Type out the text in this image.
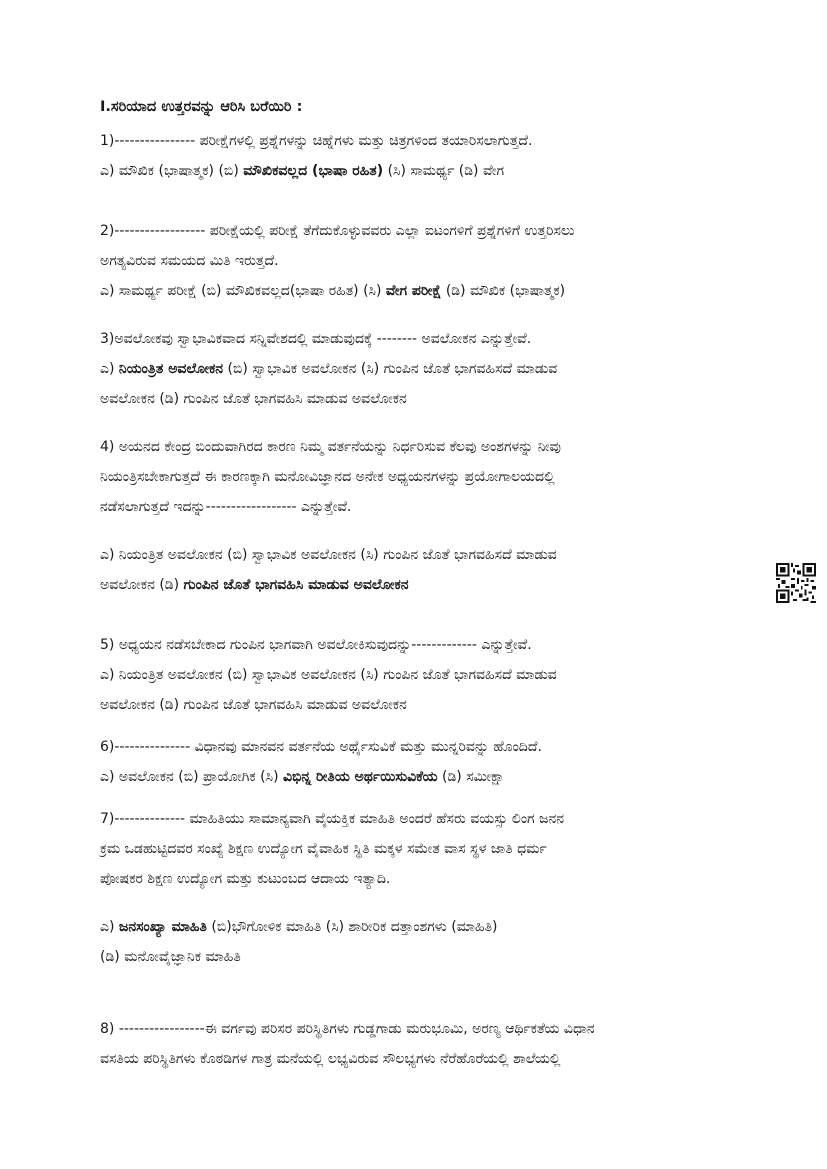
I.ಸರಿಯಾದ ಉತ್ತರವನ್ನು ಆರಿಸಿ ಬರೆಯಿರಿ :

1)---------------- ಪರೀಕ್ಷೆಗಳಲ್ಲಿ ಪ್ರಶ್ನೆಗಳನ್ನು ಚಿಹ್ನೆಗಳು ಮತ್ತು ಚಿತ್ರಗಳಿಂದ ತಯಾರಿಸಲಾಗುತ್ತದೆ.

ಎ) ಮೌಖಿಕ (ಭಾಷಾತ್ಮಕ) (ಬಿ) ಮೌಖಿಕವಲ್ಲದ (ಭಾಷಾ ರಹಿತ) (ಸಿ) ಸಾಮರ್ಥ್ಯ (ಡಿ) ವೇಗ

2)------------------ ಪರೀಕ್ಷೆಯಲ್ಲಿ ಪರೀಕ್ಷೆ ತೆಗೆದುಕೊಳ್ಳುವವರು ಎಲ್ಲಾ ಐಟಂಗಳಿಗೆ ಪ್ರಶ್ನೆಗಳಿಗೆ ಉತ್ತರಿಸಲು

ಅಗತ್ಯವಿರುವ ಸಮಯದ ಮಿತಿ ಇರುತ್ತದೆ.

ಎ) ಸಾಮರ್ಥ್ಯ ಪರೀಕ್ಷೆ (ಬಿ) ಮೌಖಿಕವಲ್ಲದ(ಭಾಷಾ ರಹಿತ) (ಸಿ) ವೇಗ ಪರೀಕ್ಷೆ (ಡಿ) ಮೌಖಿಕ (ಭಾಷಾತ್ಮಕ)

3)ಅವಲೋಕವು ಸ್ವಾಭಾವಿಕವಾದ ಸನ್ನಿವೇಶದಲ್ಲಿ ಮಾಡುವುದಕ್ಕೆ -------- ಅವಲೋಕನ ಎನ್ನುತ್ತೇವೆ.

ಎ) ನಿಯಂತ್ರಿತ ಅವಲೋಕನ (ಬಿ) ಸ್ವಾಭಾವಿಕ ಅವಲೋಕನ (ಸಿ) ಗುಂಪಿನ ಜೊತೆ ಭಾಗವಹಿಸದೆ ಮಾಡುವ

ಅವಲೋಕನ (ಡಿ) ಗುಂಪಿನ ಜೊತೆ ಭಾಗವಹಿಸಿ ಮಾಡುವ ಅವಲೋಕನ

4) ಅಯನದ ಕೇಂದ್ರ ಬಿಂದುವಾಗಿರದ ಕಾರಣ ನಿಮ್ಮ ವರ್ತನೆಯನ್ನು ನಿರ್ಧರಿಸುವ ಕೆಲವು ಅಂಶಗಳನ್ನು ನೀವು

ನಿಯಂತ್ರಿಸಬೇಕಾಗುತ್ತದೆ ಈ ಕಾರಣಕ್ಕಾಗಿ ಮನೋವಿಜ್ಞಾನದ ಅನೇಕ ಅಧ್ಯಯನಗಳನ್ನು ಪ್ರಯೋಗಾಲಯದಲ್ಲಿ

ನಡೆಸಲಾಗುತ್ತದೆ ಇದನ್ನು------------------ ಎನ್ನುತ್ತೇವೆ.

ಎ) ನಿಯಂತ್ರಿತ ಅವಲೋಕನ (ಬಿ) ಸ್ವಾಭಾವಿಕ ಅವಲೋಕನ (ಸಿ) ಗುಂಪಿನ ಜೊತೆ ಭಾಗವಹಿಸದೆ ಮಾಡುವ

ಅವಲೋಕನ (ಡಿ) ಗುಂಪಿನ ಜೊತೆ ಭಾಗವಹಿಸಿ ಮಾಡುವ ಅವಲೋಕನ

5) ಅಧ್ಯಯನ ನಡೆಸಬೇಕಾದ ಗುಂಪಿನ ಭಾಗವಾಗಿ ಅವಲೋಕಿಸುವುದನ್ನು------------- ಎನ್ನುತ್ತೇವೆ.

ಎ) ನಿಯಂತ್ರಿತ ಅವಲೋಕನ (ಬಿ) ಸ್ವಾಭಾವಿಕ ಅವಲೋಕನ (ಸಿ) ಗುಂಪಿನ ಜೊತೆ ಭಾಗವಹಿಸದೆ ಮಾಡುವ

ಅವಲೋಕನ (ಡಿ) ಗುಂಪಿನ ಜೊತೆ ಭಾಗವಹಿಸಿ ಮಾಡುವ ಅವಲೋಕನ

6)--------------- ವಿಧಾನವು ಮಾನವನ ವರ್ತನೆಯ ಅರ್ಥೈಸುವಿಕೆ ಮತ್ತು ಮುನ್ನರಿವನ್ನು ಹೊಂದಿದೆ.

ಎ) ಅವಲೋಕನ (ಬಿ) ಪ್ರಾಯೋಗಿಕ (ಸಿ) ವಿಭಿನ್ನ ರೀತಿಯ ಅರ್ಥಯಿಸುವಿಕೆಯ (ಡಿ) ಸಮೀಕ್ಷಾ

7)-------------- ಮಾಹಿತಿಯು ಸಾಮಾನ್ಯವಾಗಿ ವೈಯಕ್ತಿಕ ಮಾಹಿತಿ ಅಂದರೆ ಹೆಸರು ವಯಸ್ಸು ಲಿಂಗ ಜನನ

ಕ್ರಮ ಒಡಹುಟ್ಟಿದವರ ಸಂಖ್ಯೆ ಶಿಕ್ಷಣ ಉದ್ಯೋಗ ವೈವಾಹಿಕ ಸ್ಥಿತಿ ಮಕ್ಕಳ ಸಮೇತ ವಾಸ ಸ್ಥಳ ಜಾತಿ ಧರ್ಮ

ಪೋಷಕರ ಶಿಕ್ಷಣ ಉದ್ಯೋಗ ಮತ್ತು ಕುಟುಂಬದ ಆದಾಯ ಇತ್ಯಾದಿ.

ಎ) ಜನಸಂಖ್ಯಾ ಮಾಹಿತಿ (ಬಿ)ಭೌಗೋಳಿಕ ಮಾಹಿತಿ (ಸಿ) ಶಾರೀರಿಕ ದತ್ತಾಂಶಗಳು (ಮಾಹಿತಿ)

(ಡಿ) ಮನೋವೈಜ್ಞಾನಿಕ ಮಾಹಿತಿ

8) -----------------ಈ ವರ್ಗವು ಪರಿಸರ ಪರಿಸ್ಥಿತಿಗಳು ಗುಡ್ಡಗಾಡು ಮರುಭೂಮಿ, ಅರಣ್ಯ ಆರ್ಥಿಕತೆಯ ವಿಧಾನ

ವಸತಿಯ ಪರಿಸ್ಥಿತಿಗಳು ಕೊಠಡಿಗಳ ಗಾತ್ರ ಮನೆಯಲ್ಲಿ ಲಭ್ಯವಿರುವ ಸೌಲಭ್ಯಗಳು ನೆರೆಹೊರೆಯಲ್ಲಿ ಶಾಲೆಯಲ್ಲಿ
